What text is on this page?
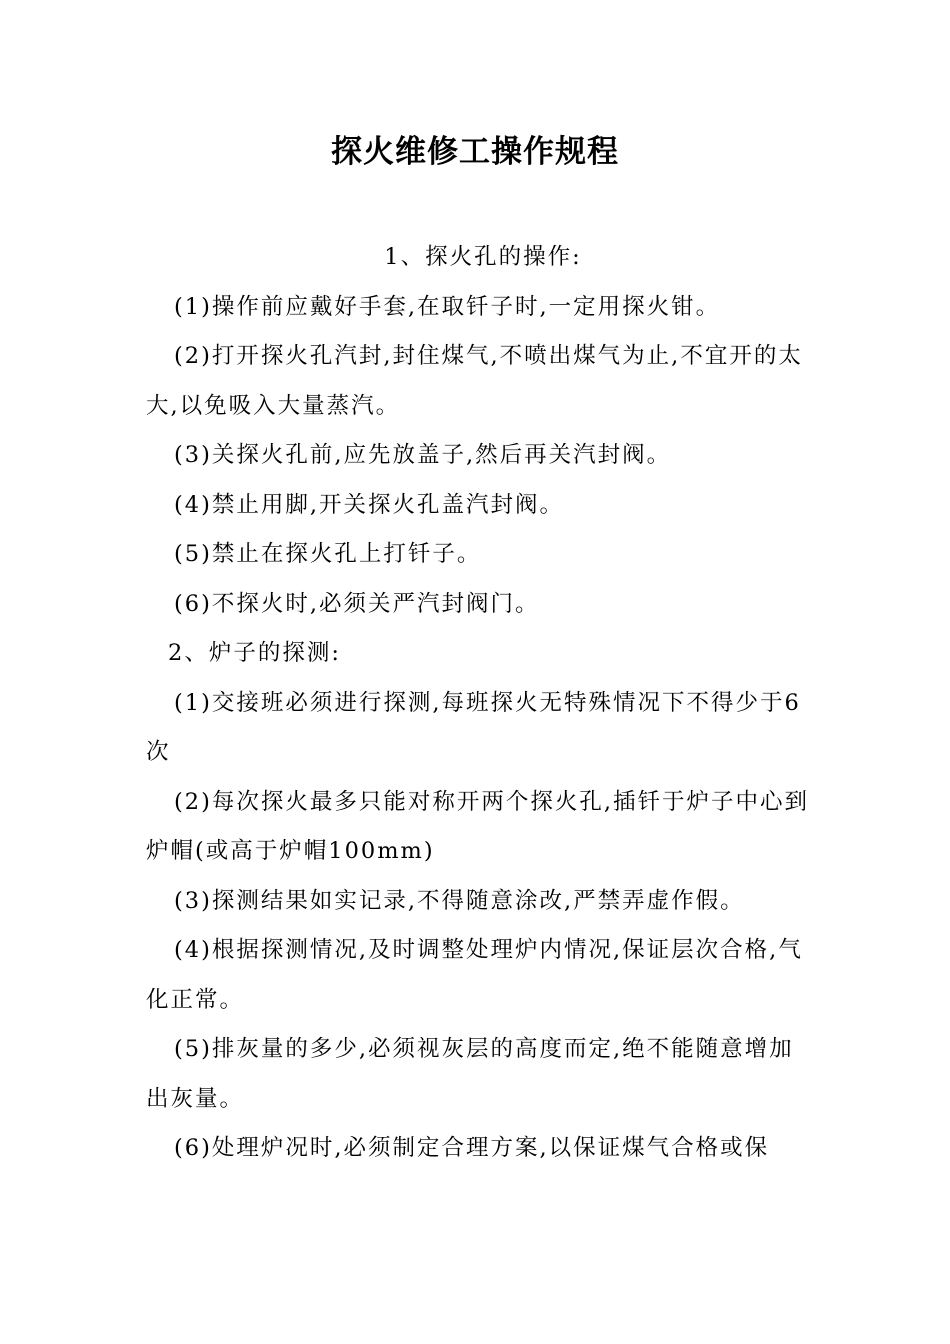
探火维修工操作规程

1、探火孔的操作:

(1)操作前应戴好手套,在取钎子时,一定用探火钳。

(2)打开探火孔汽封,封住煤气,不喷出煤气为止,不宜开的太大,以免吸入大量蒸汽。

(3)关探火孔前,应先放盖子,然后再关汽封阀。

(4)禁止用脚,开关探火孔盖汽封阀。

(5)禁止在探火孔上打钎子。

(6)不探火时,必须关严汽封阀门。

2、炉子的探测:

(1)交接班必须进行探测,每班探火无特殊情况下不得少于6次

(2)每次探火最多只能对称开两个探火孔,插钎于炉子中心到炉帽(或高于炉帽100mm)

(3)探测结果如实记录,不得随意涂改,严禁弄虚作假。

(4)根据探测情况,及时调整处理炉内情况,保证层次合格,气化正常。

(5)排灰量的多少,必须视灰层的高度而定,绝不能随意增加出灰量。

(6)处理炉况时,必须制定合理方案,以保证煤气合格或保
